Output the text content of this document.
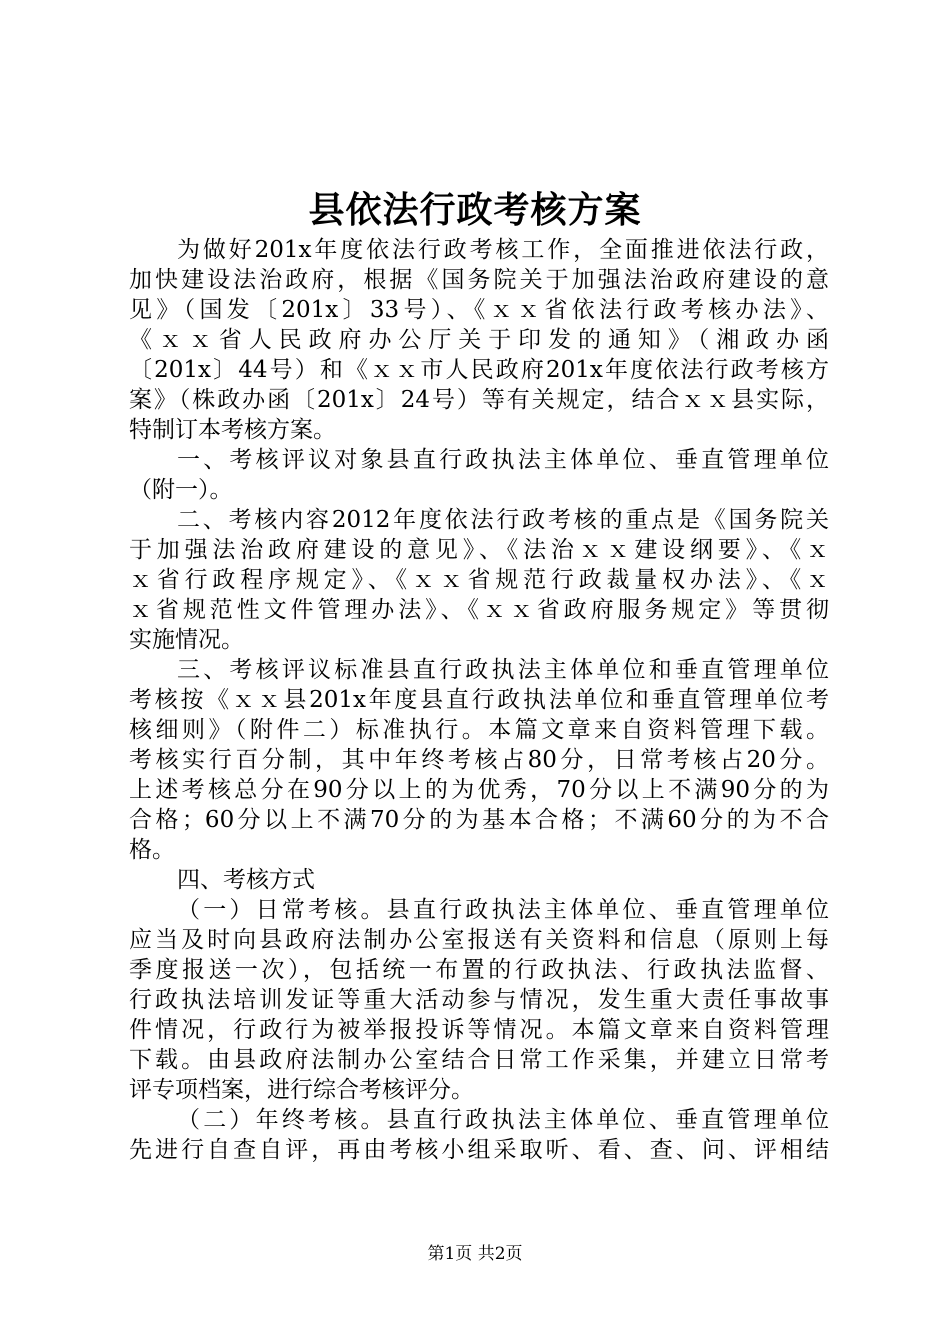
县依法行政考核方案
为做好201x年度依法行政考核工作，全面推进依法行政，
加快建设法治政府，根据《国务院关于加强法治政府建设的意
见》（国发〔201x〕33号）、《ｘｘ省依法行政考核办法》、
《ｘｘ省人民政府办公厅关于印发的通知》（湘政办函
〔201x〕44号）和《ｘｘ市人民政府201x年度依法行政考核方
案》（株政办函〔201x〕24号）等有关规定，结合ｘｘ县实际，
特制订本考核方案。
一、考核评议对象县直行政执法主体单位、垂直管理单位
（附一）。
二、考核内容2012年度依法行政考核的重点是《国务院关
于加强法治政府建设的意见》、《法治ｘｘ建设纲要》、《ｘ
ｘ省行政程序规定》、《ｘｘ省规范行政裁量权办法》、《ｘ
ｘ省规范性文件管理办法》、《ｘｘ省政府服务规定》等贯彻
实施情况。
三、考核评议标准县直行政执法主体单位和垂直管理单位
考核按《ｘｘ县201x年度县直行政执法单位和垂直管理单位考
核细则》（附件二）标准执行。本篇文章来自资料管理下载。
考核实行百分制，其中年终考核占80分，日常考核占20分。
上述考核总分在90分以上的为优秀，70分以上不满90分的为
合格；60分以上不满70分的为基本合格；不满60分的为不合
格。
四、考核方式
（一）日常考核。县直行政执法主体单位、垂直管理单位
应当及时向县政府法制办公室报送有关资料和信息（原则上每
季度报送一次），包括统一布置的行政执法、行政执法监督、
行政执法培训发证等重大活动参与情况，发生重大责任事故事
件情况，行政行为被举报投诉等情况。本篇文章来自资料管理
下载。由县政府法制办公室结合日常工作采集，并建立日常考
评专项档案，进行综合考核评分。
（二）年终考核。县直行政执法主体单位、垂直管理单位
先进行自查自评，再由考核小组采取听、看、查、问、评相结
第1页 共2页
